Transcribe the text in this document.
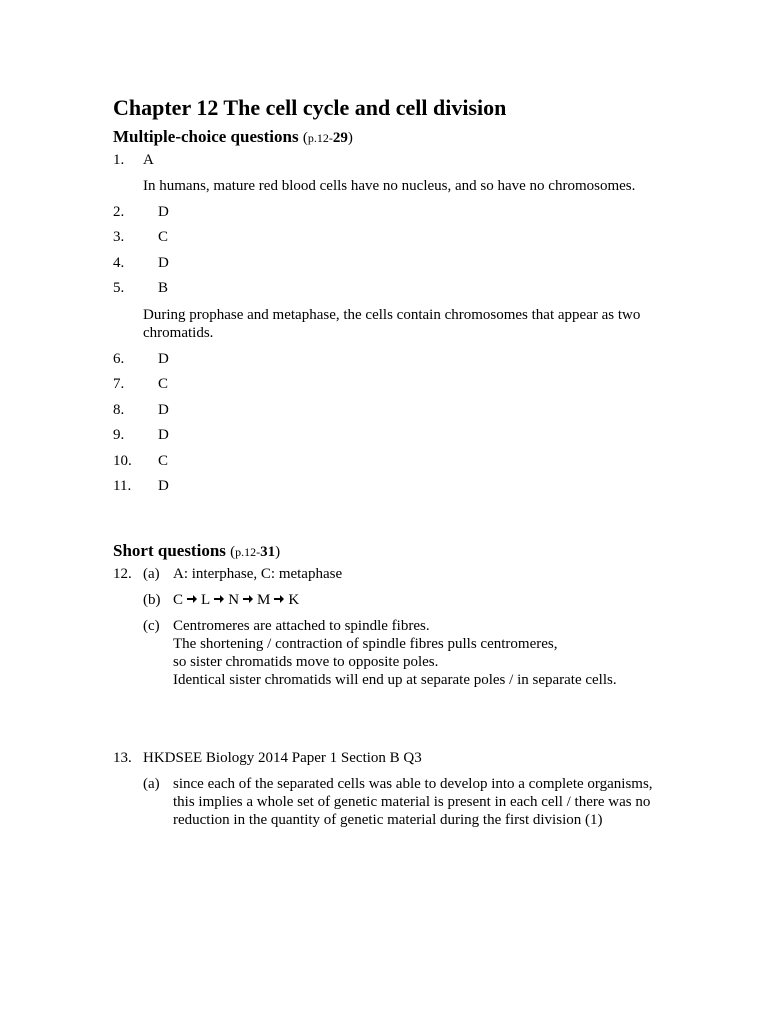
Chapter 12 The cell cycle and cell division
Multiple-choice questions (p.12-29)
1.	A
In humans, mature red blood cells have no nucleus, and so have no chromosomes.
2.	D
3.	C
4.	D
5.	B
During prophase and metaphase, the cells contain chromosomes that appear as two chromatids.
6.	D
7.	C
8.	D
9.	D
10.	C
11.	D
Short questions (p.12-31)
12. (a) A: interphase, C: metaphase
(b) C L N M K
(c) Centromeres are attached to spindle fibres.
The shortening / contraction of spindle fibres pulls centromeres,
so sister chromatids move to opposite poles.
Identical sister chromatids will end up at separate poles / in separate cells.
13. HKDSEE Biology 2014 Paper 1 Section B Q3
(a) since each of the separated cells was able to develop into a complete organisms,
this implies a whole set of genetic material is present in each cell / there was no
reduction in the quantity of genetic material during the first division (1)
